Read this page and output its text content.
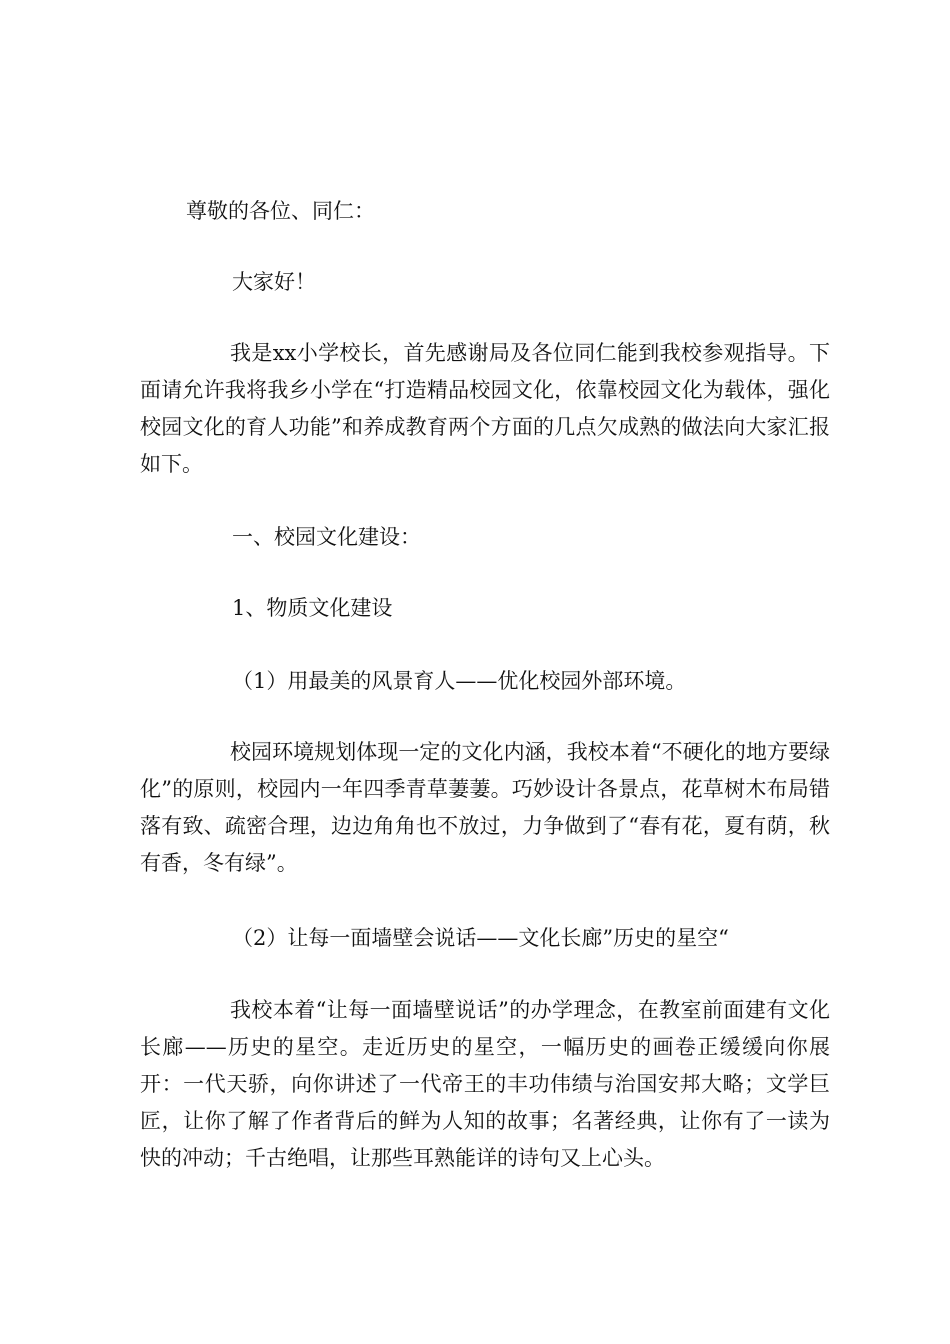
尊敬的各位、同仁：

大家好！

我是xx小学校长，首先感谢局及各位同仁能到我校参观指导。下面请允许我将我乡小学在“打造精品校园文化，依靠校园文化为载体，强化校园文化的育人功能”和养成教育两个方面的几点欠成熟的做法向大家汇报如下。

一、校园文化建设：

1、物质文化建设

（1）用最美的风景育人——优化校园外部环境。

校园环境规划体现一定的文化内涵，我校本着“不硬化的地方要绿化”的原则，校园内一年四季青草萋萋。巧妙设计各景点，花草树木布局错落有致、疏密合理，边边角角也不放过，力争做到了“春有花，夏有荫，秋有香，冬有绿”。

（2）让每一面墙壁会说话——文化长廊”历史的星空“

我校本着“让每一面墙壁说话”的办学理念，在教室前面建有文化长廊——历史的星空。走近历史的星空，一幅历史的画卷正缓缓向你展开：一代天骄，向你讲述了一代帝王的丰功伟绩与治国安邦大略；文学巨匠，让你了解了作者背后的鲜为人知的故事；名著经典，让你有了一读为快的冲动；千古绝唱，让那些耳熟能详的诗句又上心头。
